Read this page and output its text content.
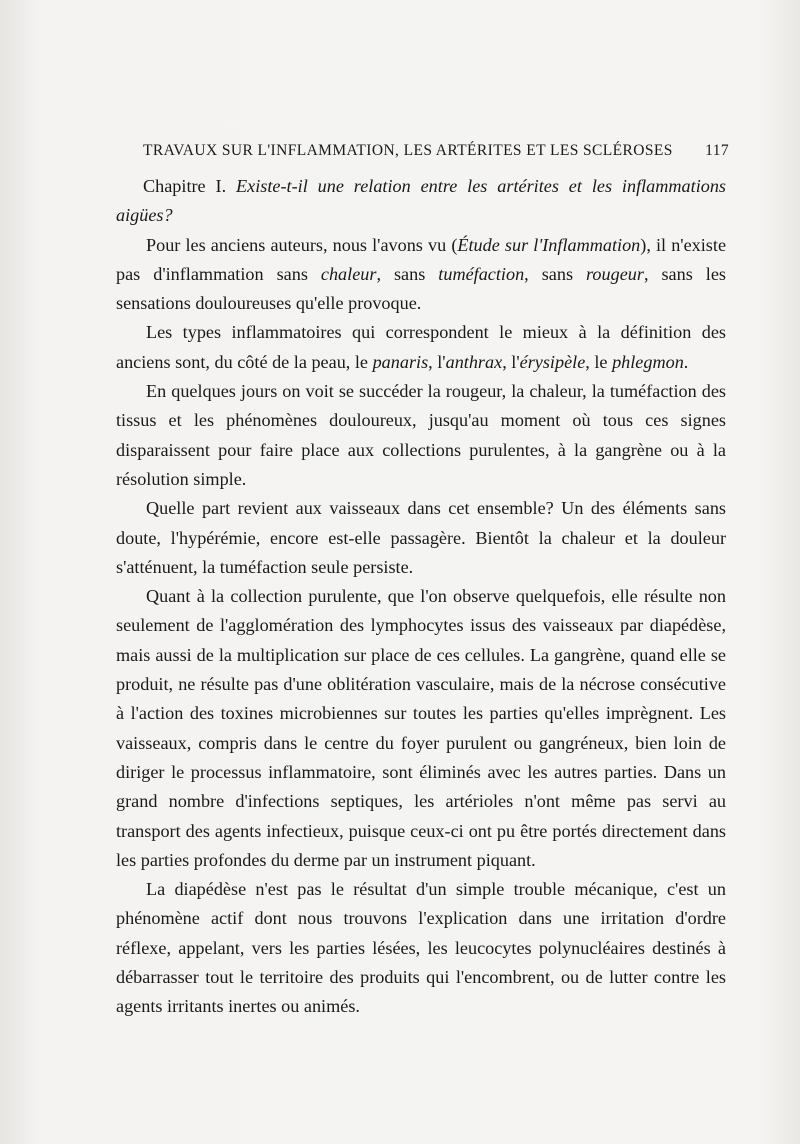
TRAVAUX SUR L'INFLAMMATION, LES ARTÉRITES ET LES SCLÉROSES 117

Chapitre I. Existe-t-il une relation entre les artérites et les inflammations aigües?

Pour les anciens auteurs, nous l'avons vu (Étude sur l'Inflammation), il n'existe pas d'inflammation sans chaleur, sans tuméfaction, sans rougeur, sans les sensations douloureuses qu'elle provoque.

Les types inflammatoires qui correspondent le mieux à la définition des anciens sont, du côté de la peau, le panaris, l'anthrax, l'érysipèle, le phlegmon.

En quelques jours on voit se succéder la rougeur, la chaleur, la tuméfaction des tissus et les phénomènes douloureux, jusqu'au moment où tous ces signes disparaissent pour faire place aux collections purulentes, à la gangrène ou à la résolution simple.

Quelle part revient aux vaisseaux dans cet ensemble? Un des éléments sans doute, l'hypérémie, encore est-elle passagère. Bientôt la chaleur et la douleur s'atténuent, la tuméfaction seule persiste.

Quant à la collection purulente, que l'on observe quelquefois, elle résulte non seulement de l'agglomération des lymphocytes issus des vaisseaux par diapédèse, mais aussi de la multiplication sur place de ces cellules. La gangrène, quand elle se produit, ne résulte pas d'une oblitération vasculaire, mais de la nécrose consécutive à l'action des toxines microbiennes sur toutes les parties qu'elles imprègnent. Les vaisseaux, compris dans le centre du foyer purulent ou gangréneux, bien loin de diriger le processus inflammatoire, sont éliminés avec les autres parties. Dans un grand nombre d'infections septiques, les artérioles n'ont même pas servi au transport des agents infectieux, puisque ceux-ci ont pu être portés directement dans les parties profondes du derme par un instrument piquant.

La diapédèse n'est pas le résultat d'un simple trouble mécanique, c'est un phénomène actif dont nous trouvons l'explication dans une irritation d'ordre réflexe, appelant, vers les parties lésées, les leucocytes polynucléaires destinés à débarrasser tout le territoire des produits qui l'encombrent, ou de lutter contre les agents irritants inertes ou animés.
